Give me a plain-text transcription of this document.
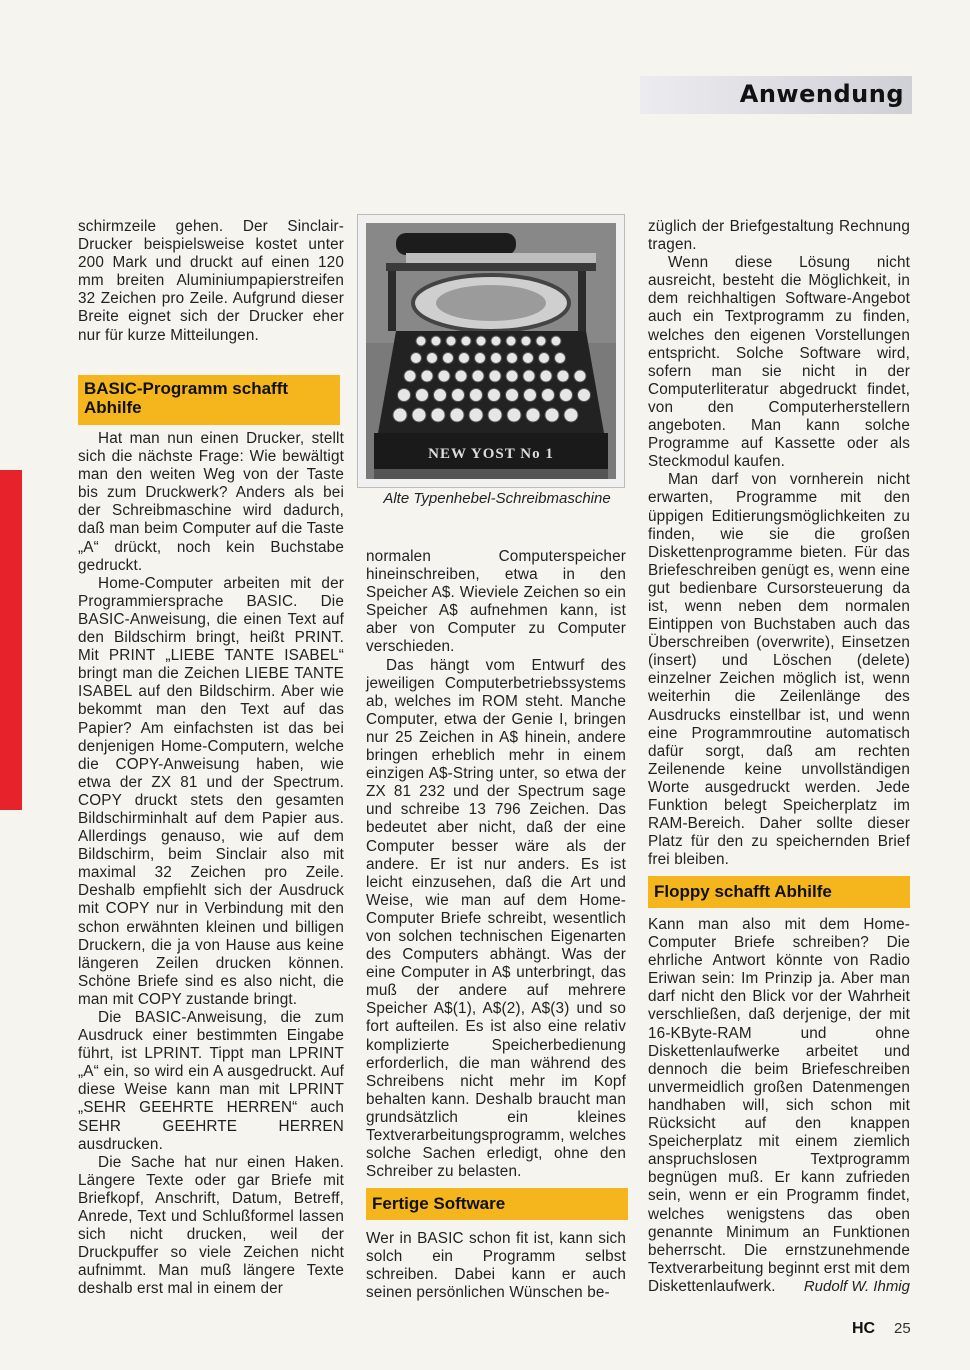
Anwendung

schirmzeile gehen. Der Sinclair-Drucker beispielsweise kostet unter 200 Mark und druckt auf einen 120 mm breiten Aluminiumpapierstreifen 32 Zeichen pro Zeile. Aufgrund dieser Breite eignet sich der Drucker eher nur für kurze Mitteilungen.

BASIC-Programm schafft Abhilfe

Hat man nun einen Drucker, stellt sich die nächste Frage: Wie bewältigt man den weiten Weg von der Taste bis zum Druckwerk? Anders als bei der Schreibmaschine wird dadurch, daß man beim Computer auf die Taste „A“ drückt, noch kein Buchstabe gedruckt.

Home-Computer arbeiten mit der Programmiersprache BASIC. Die BASIC-Anweisung, die einen Text auf den Bildschirm bringt, heißt PRINT. Mit PRINT „LIEBE TANTE ISABEL“ bringt man die Zeichen LIEBE TANTE ISABEL auf den Bildschirm. Aber wie bekommt man den Text auf das Papier? Am einfachsten ist das bei denjenigen Home-Computern, welche die COPY-Anweisung haben, wie etwa der ZX 81 und der Spectrum. COPY druckt stets den gesamten Bildschirminhalt auf dem Papier aus. Allerdings genauso, wie auf dem Bildschirm, beim Sinclair also mit maximal 32 Zeichen pro Zeile. Deshalb empfiehlt sich der Ausdruck mit COPY nur in Verbindung mit den schon erwähnten kleinen und billigen Druckern, die ja von Hause aus keine längeren Zeilen drucken können. Schöne Briefe sind es also nicht, die man mit COPY zustande bringt.

Die BASIC-Anweisung, die zum Ausdruck einer bestimmten Eingabe führt, ist LPRINT. Tippt man LPRINT „A“ ein, so wird ein A ausgedruckt. Auf diese Weise kann man mit LPRINT „SEHR GEEHRTE HERREN“ auch SEHR GEEHRTE HERREN ausdrucken.

Die Sache hat nur einen Haken. Längere Texte oder gar Briefe mit Briefkopf, Anschrift, Datum, Betreff, Anrede, Text und Schlußformel lassen sich nicht drucken, weil der Druckpuffer so viele Zeichen nicht aufnimmt. Man muß längere Texte deshalb erst mal in einem der

NEW YOST No 1
Alte Typenhebel-Schreibmaschine

normalen Computerspeicher hineinschreiben, etwa in den Speicher A$. Wieviele Zeichen so ein Speicher A$ aufnehmen kann, ist aber von Computer zu Computer verschieden.

Das hängt vom Entwurf des jeweiligen Computerbetriebssystems ab, welches im ROM steht. Manche Computer, etwa der Genie I, bringen nur 25 Zeichen in A$ hinein, andere bringen erheblich mehr in einem einzigen A$-String unter, so etwa der ZX 81 232 und der Spectrum sage und schreibe 13 796 Zeichen. Das bedeutet aber nicht, daß der eine Computer besser wäre als der andere. Er ist nur anders. Es ist leicht einzusehen, daß die Art und Weise, wie man auf dem Home-Computer Briefe schreibt, wesentlich von solchen technischen Eigenarten des Computers abhängt. Was der eine Computer in A$ unterbringt, das muß der andere auf mehrere Speicher A$(1), A$(2), A$(3) und so fort aufteilen. Es ist also eine relativ komplizierte Speicherbedienung erforderlich, die man während des Schreibens nicht mehr im Kopf behalten kann. Deshalb braucht man grundsätzlich ein kleines Textverarbeitungsprogramm, welches solche Sachen erledigt, ohne den Schreiber zu belasten.

Wer in BASIC schon fit ist, kann sich solch ein Programm selbst schreiben. Dabei kann er auch seinen persönlichen Wünschen be-

Fertige Software

züglich der Briefgestaltung Rechnung tragen.

Wenn diese Lösung nicht ausreicht, besteht die Möglichkeit, in dem reichhaltigen Software-Angebot auch ein Textprogramm zu finden, welches den eigenen Vorstellungen entspricht. Solche Software wird, sofern man sie nicht in der Computerliteratur abgedruckt findet, von den Computerherstellern angeboten. Man kann solche Programme auf Kassette oder als Steckmodul kaufen.

Man darf von vornherein nicht erwarten, Programme mit den üppigen Editierungsmöglichkeiten zu finden, wie sie die großen Diskettenprogramme bieten. Für das Briefeschreiben genügt es, wenn eine gut bedienbare Cursorsteuerung da ist, wenn neben dem normalen Eintippen von Buchstaben auch das Überschreiben (overwrite), Einsetzen (insert) und Löschen (delete) einzelner Zeichen möglich ist, wenn weiterhin die Zeilenlänge des Ausdrucks einstellbar ist, und wenn eine Programmroutine automatisch dafür sorgt, daß am rechten Zeilenende keine unvollständigen Worte ausgedruckt werden. Jede Funktion belegt Speicherplatz im RAM-Bereich. Daher sollte dieser Platz für den zu speichernden Brief frei bleiben.

Kann man also mit dem Home-Computer Briefe schreiben? Die ehrliche Antwort könnte von Radio Eriwan sein: Im Prinzip ja. Aber man darf nicht den Blick vor der Wahrheit verschließen, daß derjenige, der mit 16-KByte-RAM und ohne Diskettenlaufwerke arbeitet und dennoch die beim Briefeschreiben unvermeidlich großen Datenmengen handhaben will, sich schon mit Rücksicht auf den knappen Speicherplatz mit einem ziemlich anspruchslosen Textprogramm begnügen muß. Er kann zufrieden sein, wenn er ein Programm findet, welches wenigstens das oben genannte Minimum an Funktionen beherrscht. Die ernstzunehmende Textverarbeitung beginnt erst mit dem Diskettenlaufwerk.

Floppy schafft Abhilfe
Rudolf W. Ihmig
HC 25
